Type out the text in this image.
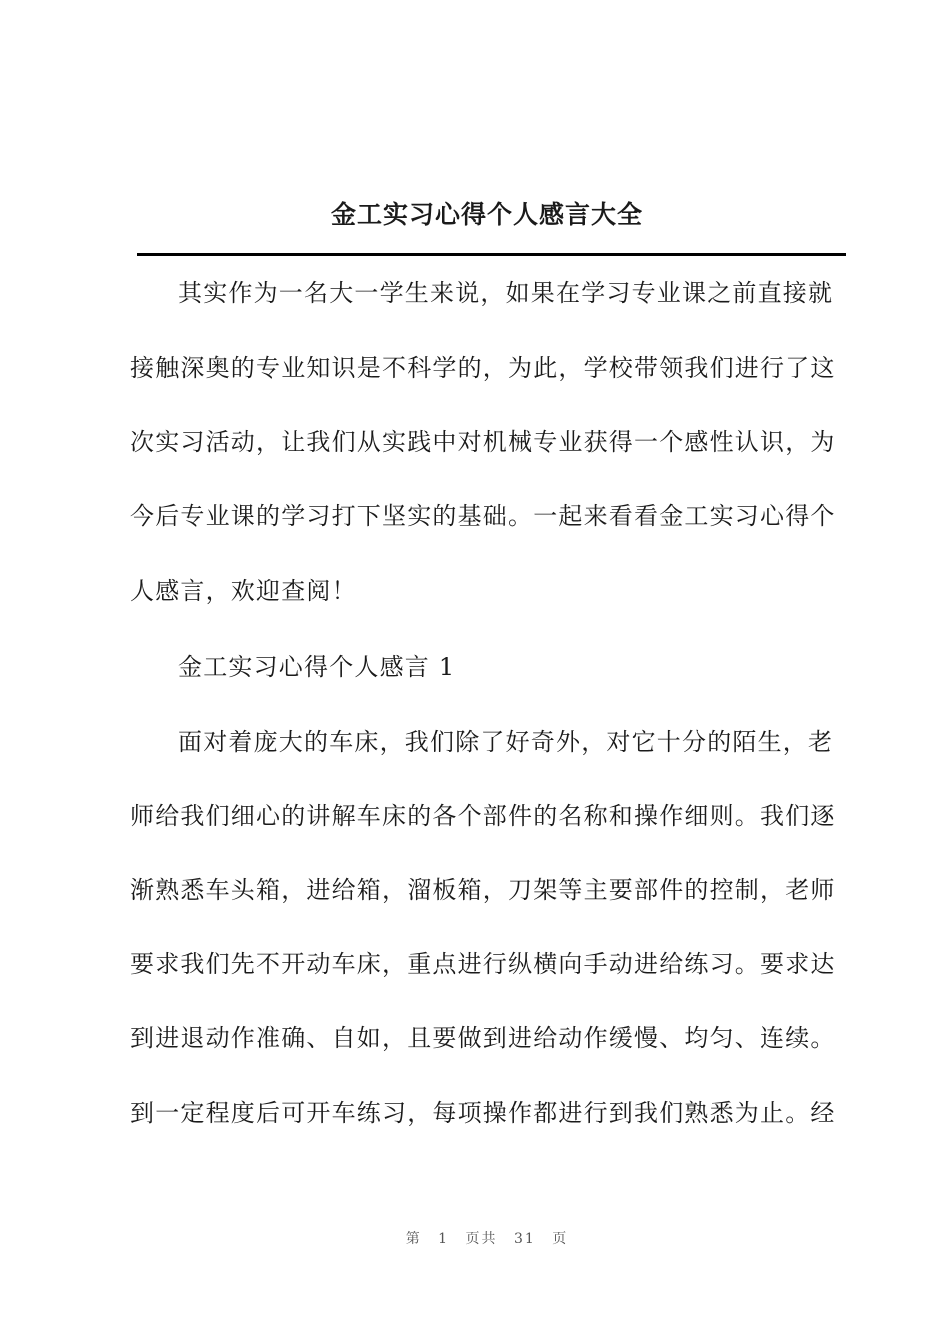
金工实习心得个人感言大全
其实作为一名大一学生来说，如果在学习专业课之前直接就
接触深奥的专业知识是不科学的，为此，学校带领我们进行了这
次实习活动，让我们从实践中对机械专业获得一个感性认识，为
今后专业课的学习打下坚实的基础。一起来看看金工实习心得个
人感言，欢迎查阅！
金工实习心得个人感言 1
面对着庞大的车床，我们除了好奇外，对它十分的陌生，老
师给我们细心的讲解车床的各个部件的名称和操作细则。我们逐
渐熟悉车头箱，进给箱，溜板箱，刀架等主要部件的控制，老师
要求我们先不开动车床，重点进行纵横向手动进给练习。要求达
到进退动作准确、自如，且要做到进给动作缓慢、均匀、连续。
到一定程度后可开车练习，每项操作都进行到我们熟悉为止。经
第 1 页共 31 页
